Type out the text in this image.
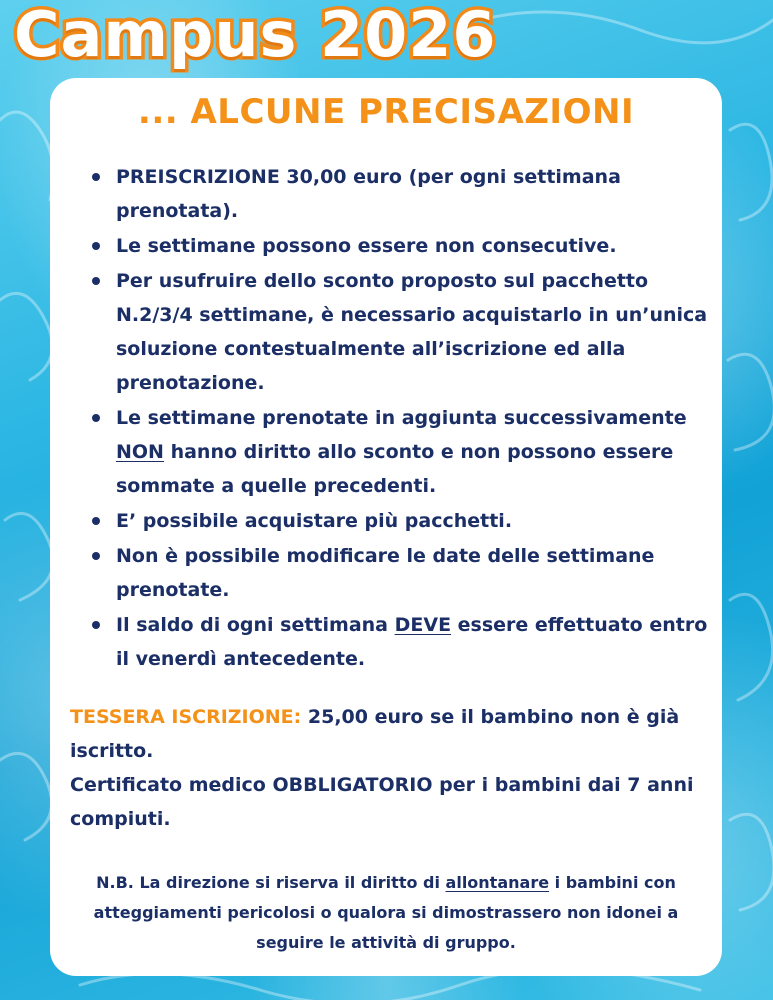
Campus 2026
... ALCUNE PRECISAZIONI
PREISCRIZIONE 30,00 euro (per ogni settimana prenotata).
Le settimane possono essere non consecutive.
Per usufruire dello sconto proposto sul pacchetto N.2/3/4 settimane, è necessario acquistarlo in un’unica soluzione contestualmente all’iscrizione ed alla prenotazione.
Le settimane prenotate in aggiunta successivamente NON hanno diritto allo sconto e non possono essere sommate a quelle precedenti.
E’ possibile acquistare più pacchetti.
Non è possibile modificare le date delle settimane prenotate.
Il saldo di ogni settimana DEVE essere effettuato entro il venerdì antecedente.

TESSERA ISCRIZIONE: 25,00 euro se il bambino non è già iscritto.
Certificato medico OBBLIGATORIO per i bambini dai 7 anni compiuti.

N.B. La direzione si riserva il diritto di allontanare i bambini con atteggiamenti pericolosi o qualora si dimostrassero non idonei a seguire le attività di gruppo.
